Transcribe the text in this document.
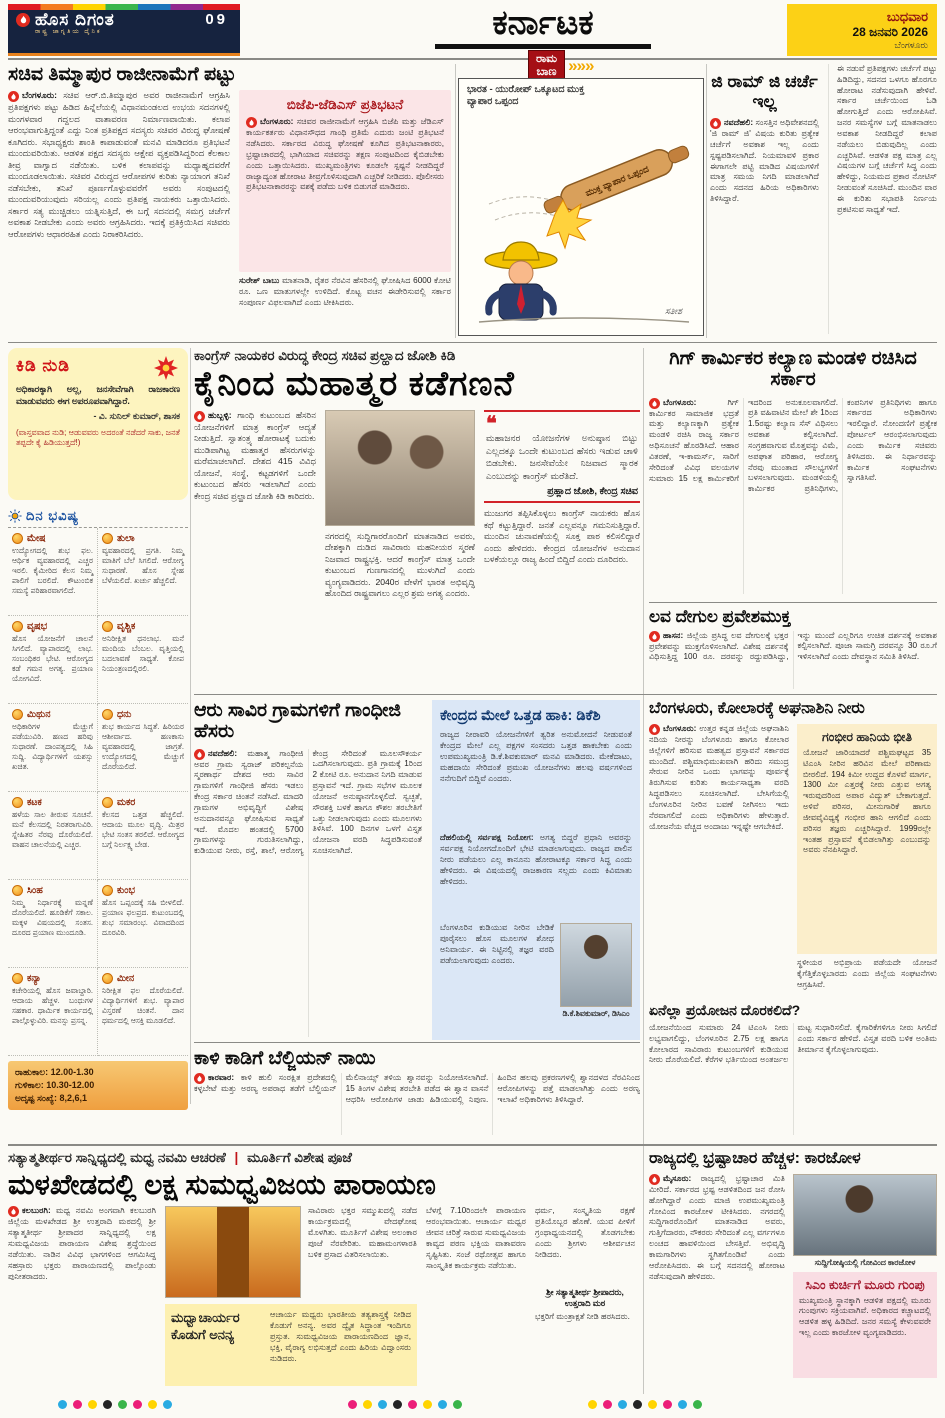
ಹೊಸ ದಿಗಂತ	09
ರಾಷ್ಟ್ರ ಜಾಗೃತಿಯ ದೈನಿಕ	ಕರ್ನಾಟಕ	ಬುಧವಾರ
28 ಜನವರಿ 2026
ಬೆಂಗಳೂರು
ಸಚಿವ ತಿಮ್ಮಾಪುರ ರಾಜೀನಾಮೆಗೆ ಪಟ್ಟು
ಬೆಂಗಳೂರು: ಸಚಿವ ಆರ್.ಬಿ.ತಿಮ್ಮಾಪುರ ಅವರ ರಾಜೀನಾಮೆಗೆ ಆಗ್ರಹಿಸಿ ಪ್ರತಿಪಕ್ಷಗಳು ಪಟ್ಟು ಹಿಡಿದ ಹಿನ್ನೆಲೆಯಲ್ಲಿ ವಿಧಾನಮಂಡಲದ ಉಭಯ ಸದನಗಳಲ್ಲಿ ಮಂಗಳವಾರ ಗದ್ದಲದ ವಾತಾವರಣ ನಿರ್ಮಾಣವಾಯಿತು. ಕಲಾಪ ಆರಂಭವಾಗುತ್ತಿದ್ದಂತೆ ಎದ್ದು ನಿಂತ ಪ್ರತಿಪಕ್ಷದ ಸದಸ್ಯರು ಸಚಿವರ ವಿರುದ್ಧ ಘೋಷಣೆ ಕೂಗಿದರು. ಸಭಾಧ್ಯಕ್ಷರು ಶಾಂತಿ ಕಾಪಾಡುವಂತೆ ಮನವಿ ಮಾಡಿದರೂ ಪ್ರತಿಭಟನೆ ಮುಂದುವರಿಯಿತು. ಆಡಳಿತ ಪಕ್ಷದ ಸದಸ್ಯರು ಆಕ್ಷೇಪ ವ್ಯಕ್ತಪಡಿಸಿದ್ದರಿಂದ ಕೆಲಕಾಲ ತೀವ್ರ ವಾಗ್ವಾದ ನಡೆಯಿತು. ಬಳಿಕ ಕಲಾಪವನ್ನು ಮಧ್ಯಾಹ್ನದವರೆಗೆ ಮುಂದೂಡಲಾಯಿತು. ಸಚಿವರ ವಿರುದ್ಧದ ಆರೋಪಗಳ ಕುರಿತು ನ್ಯಾಯಾಂಗ ತನಿಖೆ ನಡೆಸಬೇಕು, ತನಿಖೆ ಪೂರ್ಣಗೊಳ್ಳುವವರೆಗೆ ಅವರು ಸಂಪುಟದಲ್ಲಿ ಮುಂದುವರಿಯುವುದು ಸರಿಯಲ್ಲ ಎಂದು ಪ್ರತಿಪಕ್ಷ ನಾಯಕರು ಒತ್ತಾಯಿಸಿದರು. ಸರ್ಕಾರ ಸತ್ಯ ಮುಚ್ಚಿಡಲು ಯತ್ನಿಸುತ್ತಿದೆ, ಈ ಬಗ್ಗೆ ಸದನದಲ್ಲಿ ಸಮಗ್ರ ಚರ್ಚೆಗೆ ಅವಕಾಶ ನೀಡಬೇಕು ಎಂದು ಅವರು ಆಗ್ರಹಿಸಿದರು. ಇದಕ್ಕೆ ಪ್ರತಿಕ್ರಿಯಿಸಿದ ಸಚಿವರು ಆರೋಪಗಳು ಆಧಾರರಹಿತ ಎಂದು ನಿರಾಕರಿಸಿದರು.
ಬಿಜೆಪಿ-ಜೆಡಿಎಸ್ ಪ್ರತಿಭಟನೆ
ಬೆಂಗಳೂರು: ಸಚಿವರ ರಾಜೀನಾಮೆಗೆ ಆಗ್ರಹಿಸಿ ಬಿಜೆಪಿ ಮತ್ತು ಜೆಡಿಎಸ್ ಕಾರ್ಯಕರ್ತರು ವಿಧಾನಸೌಧದ ಗಾಂಧಿ ಪ್ರತಿಮೆ ಎದುರು ಜಂಟಿ ಪ್ರತಿಭಟನೆ ನಡೆಸಿದರು. ಸರ್ಕಾರದ ವಿರುದ್ಧ ಘೋಷಣೆ ಕೂಗಿದ ಪ್ರತಿಭಟನಾಕಾರರು, ಭ್ರಷ್ಟಾಚಾರದಲ್ಲಿ ಭಾಗಿಯಾದ ಸಚಿವರನ್ನು ತಕ್ಷಣ ಸಂಪುಟದಿಂದ ಕೈಬಿಡಬೇಕು ಎಂದು ಒತ್ತಾಯಿಸಿದರು. ಮುಖ್ಯಮಂತ್ರಿಗಳು ಕೂಡಲೇ ಸ್ಪಷ್ಟನೆ ನೀಡದಿದ್ದರೆ ರಾಜ್ಯಾದ್ಯಂತ ಹೋರಾಟ ತೀವ್ರಗೊಳಿಸುವುದಾಗಿ ಎಚ್ಚರಿಕೆ ನೀಡಿದರು. ಪೊಲೀಸರು ಪ್ರತಿಭಟನಾಕಾರರನ್ನು ವಶಕ್ಕೆ ಪಡೆದು ಬಳಿಕ ಬಿಡುಗಡೆ ಮಾಡಿದರು.
ಸುರೇಶ್ ಬಾಬು ಮಾತನಾಡಿ, ರೈತರ ನೆರವಿನ ಹೆಸರಿನಲ್ಲಿ ಘೋಷಿಸಿದ 6000 ಕೋಟಿ ರೂ. ಒಣ ಮಾತುಗಳಲ್ಲೇ ಉಳಿದಿದೆ. ಕೊಟ್ಟ ವಚನ ಈಡೇರಿಸುವಲ್ಲಿ ಸರ್ಕಾರ ಸಂಪೂರ್ಣ ವಿಫಲವಾಗಿದೆ ಎಂದು ಟೀಕಿಸಿದರು.
ರಾಮ
ಬಾಣ »»»
ಭಾರತ - ಯುರೋಪ್ ಒಕ್ಕೂಟದ ಮುಕ್ತ ವ್ಯಾಪಾರ ಒಪ್ಪಂದ
ಮುಕ್ತ ವ್ಯಾಪಾರ ಒಪ್ಪಂದ
ಸತೀಶ
ಜಿ ರಾಮ್ ಜಿ ಚರ್ಚೆ ಇಲ್ಲ
ನವದೆಹಲಿ: ಸಂಸತ್ತಿನ ಅಧಿವೇಶನದಲ್ಲಿ 'ಜಿ ರಾಮ್ ಜಿ' ವಿಷಯ ಕುರಿತು ಪ್ರತ್ಯೇಕ ಚರ್ಚೆಗೆ ಅವಕಾಶ ಇಲ್ಲ ಎಂದು ಸ್ಪಷ್ಟಪಡಿಸಲಾಗಿದೆ. ನಿಯಮಾವಳಿ ಪ್ರಕಾರ ಈಗಾಗಲೇ ಪಟ್ಟಿ ಮಾಡಿದ ವಿಷಯಗಳಿಗೆ ಮಾತ್ರ ಸಮಯ ನಿಗದಿ ಮಾಡಲಾಗಿದೆ ಎಂದು ಸದನದ ಹಿರಿಯ ಅಧಿಕಾರಿಗಳು ತಿಳಿಸಿದ್ದಾರೆ.
ಈ ನಡುವೆ ಪ್ರತಿಪಕ್ಷಗಳು ಚರ್ಚೆಗೆ ಪಟ್ಟು ಹಿಡಿದಿದ್ದು, ಸದನದ ಒಳಗೂ ಹೊರಗೂ ಹೋರಾಟ ನಡೆಸುವುದಾಗಿ ಹೇಳಿವೆ. ಸರ್ಕಾರ ಚರ್ಚೆಯಿಂದ ಓಡಿ ಹೋಗುತ್ತಿದೆ ಎಂದು ಆರೋಪಿಸಿವೆ. ಜನರ ಸಮಸ್ಯೆಗಳ ಬಗ್ಗೆ ಮಾತನಾಡಲು ಅವಕಾಶ ನೀಡದಿದ್ದರೆ ಕಲಾಪ ನಡೆಯಲು ಬಿಡುವುದಿಲ್ಲ ಎಂದು ಎಚ್ಚರಿಸಿವೆ. ಆಡಳಿತ ಪಕ್ಷ ಮಾತ್ರ ಎಲ್ಲ ವಿಷಯಗಳ ಬಗ್ಗೆ ಚರ್ಚೆಗೆ ಸಿದ್ಧ ಎಂದು ಹೇಳಿದ್ದು, ನಿಯಮದ ಪ್ರಕಾರ ನೋಟಿಸ್ ನೀಡುವಂತೆ ಸೂಚಿಸಿದೆ. ಮುಂದಿನ ವಾರ ಈ ಕುರಿತು ಸಭಾಪತಿ ನಿರ್ಣಯ ಪ್ರಕಟಿಸುವ ಸಾಧ್ಯತೆ ಇದೆ.
ಕಿಡಿ ನುಡಿ
ಅಧಿಕಾರಕ್ಕಾಗಿ ಅಲ್ಲ, ಜನಸೇವೆಗಾಗಿ ರಾಜಕಾರಣ ಮಾಡುವವರು ಈಗ ಅಪರೂಪವಾಗಿದ್ದಾರೆ.
- ವಿ. ಸುನಿಲ್ ಕುಮಾರ್, ಶಾಸಕ
(ವಾಸ್ತವವಾದ ನುಡಿ; ಆಡುವವರು ಅದರಂತೆ ನಡೆದರೆ ಸಾಕು, ಜನತೆ ತಪ್ಪದೇ ಕೈ ಹಿಡಿಯುತ್ತದೆ!)
ದಿನ ಭವಿಷ್ಯ
ಮೇಷ
ಉದ್ಯೋಗದಲ್ಲಿ ಶುಭ ಫಲ. ಆರ್ಥಿಕ ವ್ಯವಹಾರದಲ್ಲಿ ಎಚ್ಚರ ಇರಲಿ. ಕೈಮೀರಿದ ಕೆಲಸ ನಿಮ್ಮ ಪಾಲಿಗೆ ಬರಲಿದೆ. ಕೌಟುಂಬಿಕ ಸಮಸ್ಯೆ ಪರಿಹಾರವಾಗಲಿದೆ.
ತುಲಾ
ವ್ಯವಹಾರದಲ್ಲಿ ಪ್ರಗತಿ. ನಿಮ್ಮ ಮಾತಿಗೆ ಬೆಲೆ ಸಿಗಲಿದೆ. ಆರೋಗ್ಯ ಸುಧಾರಣೆ. ಹೊಸ ಸ್ನೇಹ ಬೆಳೆಯಲಿದೆ. ಖರ್ಚು ಹೆಚ್ಚಲಿದೆ.
ವೃಷಭ
ಹೊಸ ಯೋಜನೆಗೆ ಚಾಲನೆ ಸಿಗಲಿದೆ. ವ್ಯಾಪಾರದಲ್ಲಿ ಲಾಭ. ಸಂಬಂಧಿಕರ ಭೇಟಿ. ಆರೋಗ್ಯದ ಕಡೆ ಗಮನ ಅಗತ್ಯ. ಪ್ರಯಾಣ ಯೋಗವಿದೆ.
ವೃಶ್ಚಿಕ
ಅನಿರೀಕ್ಷಿತ ಧನಲಾಭ. ಮನೆ ಮಂದಿಯ ಬೆಂಬಲ. ವೃತ್ತಿಯಲ್ಲಿ ಬದಲಾವಣೆ ಸಾಧ್ಯತೆ. ಕೋಪ ನಿಯಂತ್ರಣದಲ್ಲಿರಲಿ.
ಮಿಥುನ
ಅಧಿಕಾರಿಗಳ ಮೆಚ್ಚುಗೆ ಪಡೆಯುವಿರಿ. ಹಣದ ಹರಿವು ಸುಧಾರಣೆ. ದಾಂಪತ್ಯದಲ್ಲಿ ಸಿಹಿ ಸುದ್ದಿ. ವಿದ್ಯಾರ್ಥಿಗಳಿಗೆ ಯಶಸ್ಸು ಖಚಿತ.
ಧನು
ಶುಭ ಕಾರ್ಯದ ಸಿದ್ಧತೆ. ಹಿರಿಯರ ಆಶೀರ್ವಾದ. ಹಣಕಾಸು ವ್ಯವಹಾರದಲ್ಲಿ ಜಾಗ್ರತೆ. ಉದ್ಯೋಗದಲ್ಲಿ ಮೆಚ್ಚುಗೆ ದೊರೆಯಲಿದೆ.
ಕಟಕ
ಹಳೆಯ ಸಾಲ ತೀರುವ ಸೂಚನೆ. ಮನೆ ಕೆಲಸದಲ್ಲಿ ನಿರತರಾಗುವಿರಿ. ಸ್ನೇಹಿತರ ನೆರವು ದೊರೆಯಲಿದೆ. ವಾಹನ ಚಾಲನೆಯಲ್ಲಿ ಎಚ್ಚರ.
ಮಕರ
ಕೆಲಸದ ಒತ್ತಡ ಹೆಚ್ಚಲಿದೆ. ಆದಾಯ ಮೂಲ ವೃದ್ಧಿ. ಮಿತ್ರರ ಭೇಟಿ ಸಂತಸ ತರಲಿದೆ. ಆರೋಗ್ಯದ ಬಗ್ಗೆ ನಿರ್ಲಕ್ಷ್ಯ ಬೇಡ.
ಸಿಂಹ
ನಿಮ್ಮ ನಿರ್ಧಾರಕ್ಕೆ ಮನ್ನಣೆ ದೊರೆಯಲಿದೆ. ಹೂಡಿಕೆಗೆ ಸಕಾಲ. ಮಕ್ಕಳ ವಿಷಯದಲ್ಲಿ ಸಂತಸ. ದೂರದ ಪ್ರಯಾಣ ಮುಂದೂಡಿ.
ಕುಂಭ
ಹೊಸ ಒಪ್ಪಂದಕ್ಕೆ ಸಹಿ ಬೀಳಲಿದೆ. ಪ್ರಯಾಣ ಫಲಪ್ರದ. ಕುಟುಂಬದಲ್ಲಿ ಶುಭ ಸಮಾರಂಭ. ವಿವಾದದಿಂದ ದೂರವಿರಿ.
ಕನ್ಯಾ
ಕಚೇರಿಯಲ್ಲಿ ಹೊಸ ಜವಾಬ್ದಾರಿ. ಆದಾಯ ಹೆಚ್ಚಳ. ಬಂಧುಗಳ ಸಹಕಾರ. ಧಾರ್ಮಿಕ ಕಾರ್ಯದಲ್ಲಿ ಪಾಲ್ಗೊಳ್ಳುವಿರಿ. ಮನಸ್ಸು ಪ್ರಸನ್ನ.
ಮೀನ
ನಿರೀಕ್ಷಿತ ಫಲ ದೊರೆಯಲಿದೆ. ವಿದ್ಯಾರ್ಥಿಗಳಿಗೆ ಶುಭ. ವ್ಯಾಪಾರ ವಿಸ್ತರಣೆ ಚಿಂತನೆ. ದಾನ ಧರ್ಮದಲ್ಲಿ ಆಸಕ್ತಿ ಮೂಡಲಿದೆ.
ರಾಹುಕಾಲ: 12.00-1.30
ಗುಳಿಕಾಲ: 10.30-12.00
ಅದೃಷ್ಟ ಸಂಖ್ಯೆ: 8,2,6,1
ಕಾಂಗ್ರೆಸ್ ನಾಯಕರ ವಿರುದ್ಧ ಕೇಂದ್ರ ಸಚಿವ ಪ್ರಲ್ಹಾದ ಜೋಶಿ ಕಿಡಿ
ಕೈನಿಂದ ಮಹಾತ್ಮರ ಕಡೆಗಣನೆ
ಹುಬ್ಬಳ್ಳಿ: ಗಾಂಧಿ ಕುಟುಂಬದ ಹೆಸರಿನ ಯೋಜನೆಗಳಿಗೆ ಮಾತ್ರ ಕಾಂಗ್ರೆಸ್ ಆದ್ಯತೆ ನೀಡುತ್ತಿದೆ. ಸ್ವಾತಂತ್ರ್ಯ ಹೋರಾಟಕ್ಕೆ ಬದುಕು ಮುಡಿಪಾಗಿಟ್ಟ ಮಹಾತ್ಮರ ಹೆಸರುಗಳನ್ನು ಮರೆಮಾಚಲಾಗಿದೆ. ದೇಶದ 415 ವಿವಿಧ ಯೋಜನೆ, ಸಂಸ್ಥೆ, ಕಟ್ಟಡಗಳಿಗೆ ಒಂದೇ ಕುಟುಂಬದ ಹೆಸರು ಇಡಲಾಗಿದೆ ಎಂದು ಕೇಂದ್ರ ಸಚಿವ ಪ್ರಲ್ಹಾದ ಜೋಶಿ ಕಿಡಿ ಕಾರಿದರು.
ನಗರದಲ್ಲಿ ಸುದ್ದಿಗಾರರೊಂದಿಗೆ ಮಾತನಾಡಿದ ಅವರು, ದೇಶಕ್ಕಾಗಿ ದುಡಿದ ಸಾವಿರಾರು ಮಹನೀಯರ ಸ್ಮರಣೆ ನಿಜವಾದ ರಾಷ್ಟ್ರಭಕ್ತಿ. ಆದರೆ ಕಾಂಗ್ರೆಸ್ ಮಾತ್ರ ಒಂದೇ ಕುಟುಂಬದ ಗುಣಗಾನದಲ್ಲಿ ಮುಳುಗಿದೆ ಎಂದು ವ್ಯಂಗ್ಯವಾಡಿದರು. 2040ರ ವೇಳೆಗೆ ಭಾರತ ಅಭಿವೃದ್ಧಿ ಹೊಂದಿದ ರಾಷ್ಟ್ರವಾಗಲು ಎಲ್ಲರ ಶ್ರಮ ಅಗತ್ಯ ಎಂದರು.
❝
ಮಹಾಜನರ ಯೋಜನೆಗಳ ಅನುಷ್ಠಾನ ಬಿಟ್ಟು ಎಲ್ಲದಕ್ಕೂ ಒಂದೇ ಕುಟುಂಬದ ಹೆಸರು ಇಡುವ ಚಾಳಿ ಬಿಡಬೇಕು. ಜನಸೇವೆಯೇ ನಿಜವಾದ ಸ್ಮಾರಕ ಎಂಬುದನ್ನು ಕಾಂಗ್ರೆಸ್ ಮರೆತಿದೆ.
ಪ್ರಹ್ಲಾದ ಜೋಶಿ, ಕೇಂದ್ರ ಸಚಿವ
ಮುಜುಗರ ತಪ್ಪಿಸಿಕೊಳ್ಳಲು ಕಾಂಗ್ರೆಸ್ ನಾಯಕರು ಹೊಸ ಕಥೆ ಕಟ್ಟುತ್ತಿದ್ದಾರೆ. ಜನತೆ ಎಲ್ಲವನ್ನೂ ಗಮನಿಸುತ್ತಿದ್ದಾರೆ. ಮುಂದಿನ ಚುನಾವಣೆಯಲ್ಲಿ ಸೂಕ್ತ ಪಾಠ ಕಲಿಸಲಿದ್ದಾರೆ ಎಂದು ಹೇಳಿದರು. ಕೇಂದ್ರದ ಯೋಜನೆಗಳ ಅನುದಾನ ಬಳಕೆಯಲ್ಲೂ ರಾಜ್ಯ ಹಿಂದೆ ಬಿದ್ದಿದೆ ಎಂದು ದೂರಿದರು.
ಗಿಗ್ ಕಾರ್ಮಿಕರ ಕಲ್ಯಾಣ ಮಂಡಳಿ ರಚಿಸಿದ ಸರ್ಕಾರ
ಬೆಂಗಳೂರು:	ಗಿಗ್ ಕಾರ್ಮಿಕರ ಸಾಮಾಜಿಕ ಭದ್ರತೆ ಮತ್ತು ಕಲ್ಯಾಣಕ್ಕಾಗಿ ಪ್ರತ್ಯೇಕ ಮಂಡಳಿ ರಚಿಸಿ ರಾಜ್ಯ ಸರ್ಕಾರ ಅಧಿಸೂಚನೆ ಹೊರಡಿಸಿದೆ. ಆಹಾರ ವಿತರಣೆ, ಇ-ಕಾಮರ್ಸ್, ಸಾರಿಗೆ ಸೇರಿದಂತೆ ವಿವಿಧ ವಲಯಗಳ ಸುಮಾರು 15 ಲಕ್ಷ ಕಾರ್ಮಿಕರಿಗೆ ಇದರಿಂದ ಅನುಕೂಲವಾಗಲಿದೆ. ಪ್ರತಿ ವಹಿವಾಟಿನ ಮೇಲೆ ಶೇ 1ರಿಂದ 1.5ರಷ್ಟು ಕಲ್ಯಾಣ ಸೆಸ್ ವಿಧಿಸಲು ಅವಕಾಶ ಕಲ್ಪಿಸಲಾಗಿದೆ. ಸಂಗ್ರಹವಾಗುವ ಮೊತ್ತವನ್ನು ವಿಮೆ, ಅಪಘಾತ ಪರಿಹಾರ, ಆರೋಗ್ಯ ನೆರವು ಮುಂತಾದ ಸೌಲಭ್ಯಗಳಿಗೆ ಬಳಸಲಾಗುವುದು. ಮಂಡಳಿಯಲ್ಲಿ ಕಾರ್ಮಿಕರ ಪ್ರತಿನಿಧಿಗಳು, ಕಂಪನಿಗಳ ಪ್ರತಿನಿಧಿಗಳು ಹಾಗೂ ಸರ್ಕಾರದ ಅಧಿಕಾರಿಗಳು ಇರಲಿದ್ದಾರೆ. ನೋಂದಣಿಗೆ ಪ್ರತ್ಯೇಕ ಪೋರ್ಟಲ್ ಆರಂಭಿಸಲಾಗುವುದು ಎಂದು ಕಾರ್ಮಿಕ ಸಚಿವರು ತಿಳಿಸಿದರು. ಈ ನಿರ್ಧಾರವನ್ನು ಕಾರ್ಮಿಕ ಸಂಘಟನೆಗಳು ಸ್ವಾಗತಿಸಿವೆ.
ಲವ ದೇಗುಲ ಪ್ರವೇಶಮುಕ್ತ
ಹಾಸನ: ಜಿಲ್ಲೆಯ ಪ್ರಸಿದ್ಧ ಲವ ದೇಗುಲಕ್ಕೆ ಭಕ್ತರ ಪ್ರವೇಶವನ್ನು ಮುಕ್ತಗೊಳಿಸಲಾಗಿದೆ. ವಿಶೇಷ ದರ್ಶನಕ್ಕೆ ವಿಧಿಸುತ್ತಿದ್ದ 100 ರೂ. ದರವನ್ನು ರದ್ದುಪಡಿಸಿದ್ದು, ಇನ್ನು ಮುಂದೆ ಎಲ್ಲರಿಗೂ ಉಚಿತ ದರ್ಶನಕ್ಕೆ ಅವಕಾಶ ಕಲ್ಪಿಸಲಾಗಿದೆ. ಪೂಜಾ ಸಾಮಗ್ರಿ ದರವನ್ನೂ 30 ರೂ.ಗೆ ಇಳಿಸಲಾಗಿದೆ ಎಂದು ದೇವಸ್ಥಾನ ಸಮಿತಿ ತಿಳಿಸಿದೆ.
ಆರು ಸಾವಿರ ಗ್ರಾಮಗಳಿಗೆ ಗಾಂಧೀಜಿ ಹೆಸರು
ನವದೆಹಲಿ: ಮಹಾತ್ಮ ಗಾಂಧೀಜಿ ಅವರ ಗ್ರಾಮ ಸ್ವರಾಜ್ ಪರಿಕಲ್ಪನೆಯ ಸ್ಮರಣಾರ್ಥ ದೇಶದ ಆರು ಸಾವಿರ ಗ್ರಾಮಗಳಿಗೆ ಗಾಂಧೀಜಿ ಹೆಸರು ಇಡಲು ಕೇಂದ್ರ ಸರ್ಕಾರ ಚಿಂತನೆ ನಡೆಸಿದೆ. ಮಾದರಿ ಗ್ರಾಮಗಳ ಅಭಿವೃದ್ಧಿಗೆ ವಿಶೇಷ ಅನುದಾನವನ್ನೂ ಘೋಷಿಸುವ ಸಾಧ್ಯತೆ ಇದೆ. ಮೊದಲ ಹಂತದಲ್ಲಿ 5700 ಗ್ರಾಮಗಳನ್ನು ಗುರುತಿಸಲಾಗಿದ್ದು, ಕುಡಿಯುವ ನೀರು, ರಸ್ತೆ, ಶಾಲೆ, ಆರೋಗ್ಯ ಕೇಂದ್ರ ಸೇರಿದಂತೆ ಮೂಲಸೌಕರ್ಯ ಒದಗಿಸಲಾಗುವುದು. ಪ್ರತಿ ಗ್ರಾಮಕ್ಕೆ 1ರಿಂದ 2 ಕೋಟಿ ರೂ. ಅನುದಾನ ನಿಗದಿ ಮಾಡುವ ಪ್ರಸ್ತಾವನೆ ಇದೆ. ಗ್ರಾಮ ಸಭೆಗಳ ಮೂಲಕ ಯೋಜನೆ ಅನುಷ್ಠಾನಗೊಳ್ಳಲಿದೆ. ಸ್ವಚ್ಛತೆ, ಸೌರಶಕ್ತಿ ಬಳಕೆ ಹಾಗೂ ಕೌಶಲ ತರಬೇತಿಗೆ ಒತ್ತು ನೀಡಲಾಗುವುದು ಎಂದು ಮೂಲಗಳು ತಿಳಿಸಿವೆ. 100 ದಿನಗಳ ಒಳಗೆ ವಿಸ್ತೃತ ಯೋಜನಾ ವರದಿ ಸಿದ್ಧಪಡಿಸುವಂತೆ ಸೂಚಿಸಲಾಗಿದೆ.
ಕೇಂದ್ರದ ಮೇಲೆ ಒತ್ತಡ ಹಾಕಿ: ಡಿಕೆಶಿ
ರಾಜ್ಯದ ನೀರಾವರಿ ಯೋಜನೆಗಳಿಗೆ ತ್ವರಿತ ಅನುಮೋದನೆ ನೀಡುವಂತೆ ಕೇಂದ್ರದ ಮೇಲೆ ಎಲ್ಲ ಪಕ್ಷಗಳ ಸಂಸದರು ಒತ್ತಡ ಹಾಕಬೇಕು ಎಂದು ಉಪಮುಖ್ಯಮಂತ್ರಿ ಡಿ.ಕೆ.ಶಿವಕುಮಾರ್ ಮನವಿ ಮಾಡಿದರು. ಮೇಕೆದಾಟು, ಮಹದಾಯಿ ಸೇರಿದಂತೆ ಪ್ರಮುಖ ಯೋಜನೆಗಳು ಹಲವು ವರ್ಷಗಳಿಂದ ನನೆಗುದಿಗೆ ಬಿದ್ದಿವೆ ಎಂದರು.
ದೆಹಲಿಯಲ್ಲಿ ಸರ್ವಪಕ್ಷ ನಿಯೋಗ: ಅಗತ್ಯ ಬಿದ್ದರೆ ಪ್ರಧಾನಿ ಅವರನ್ನು ಸರ್ವಪಕ್ಷ ನಿಯೋಗದೊಂದಿಗೆ ಭೇಟಿ ಮಾಡಲಾಗುವುದು. ರಾಜ್ಯದ ಪಾಲಿನ ನೀರು ಪಡೆಯಲು ಎಲ್ಲ ಕಾನೂನು ಹೋರಾಟಕ್ಕೂ ಸರ್ಕಾರ ಸಿದ್ಧ ಎಂದು ಹೇಳಿದರು. ಈ ವಿಷಯದಲ್ಲಿ ರಾಜಕಾರಣ ಸಲ್ಲದು ಎಂದು ಕಿವಿಮಾತು ಹೇಳಿದರು.
ಬೆಂಗಳೂರಿನ ಕುಡಿಯುವ ನೀರಿನ ಬೇಡಿಕೆ ಪೂರೈಸಲು ಹೊಸ ಮೂಲಗಳ ಶೋಧ ಅನಿವಾರ್ಯ. ಈ ನಿಟ್ಟಿನಲ್ಲಿ ತಜ್ಞರ ವರದಿ ಪಡೆಯಲಾಗುವುದು ಎಂದರು.
ಡಿ.ಕೆ.ಶಿವಕುಮಾರ್, ಡಿಸಿಎಂ
ಕಾಳಿ ಕಾಡಿಗೆ ಬೆಲ್ಜಿಯನ್ ನಾಯಿ
ಕಾರವಾರ: ಕಾಳಿ ಹುಲಿ ಸಂರಕ್ಷಿತ ಪ್ರದೇಶದಲ್ಲಿ ಕಳ್ಳಬೇಟೆ ಮತ್ತು ಅರಣ್ಯ ಅಪರಾಧ ತಡೆಗೆ ಬೆಲ್ಜಿಯನ್ ಮೆಲಿನಾಯ್ಸ್ ತಳಿಯ ಶ್ವಾನವನ್ನು ನಿಯೋಜಿಸಲಾಗಿದೆ. 15 ತಿಂಗಳ ವಿಶೇಷ ತರಬೇತಿ ಪಡೆದ ಈ ಶ್ವಾನ ವಾಸನೆ ಆಧರಿಸಿ ಆರೋಪಿಗಳ ಜಾಡು ಹಿಡಿಯುವಲ್ಲಿ ನಿಪುಣ. ಹಿಂದಿನ ಹಲವು ಪ್ರಕರಣಗಳಲ್ಲಿ ಶ್ವಾನದಳದ ನೆರವಿನಿಂದ ಆರೋಪಿಗಳನ್ನು ಪತ್ತೆ ಮಾಡಲಾಗಿತ್ತು ಎಂದು ಅರಣ್ಯ ಇಲಾಖೆ ಅಧಿಕಾರಿಗಳು ತಿಳಿಸಿದ್ದಾರೆ.
ಬೆಂಗಳೂರು, ಕೋಲಾರಕ್ಕೆ ಅಘನಾಶಿನಿ ನೀರು
ಬೆಂಗಳೂರು: ಉತ್ತರ ಕನ್ನಡ ಜಿಲ್ಲೆಯ ಅಘನಾಶಿನಿ ನದಿಯ ನೀರನ್ನು ಬೆಂಗಳೂರು ಹಾಗೂ ಕೋಲಾರ ಜಿಲ್ಲೆಗಳಿಗೆ ಹರಿಸುವ ಮಹತ್ವದ ಪ್ರಸ್ತಾವನೆ ಸರ್ಕಾರದ ಮುಂದಿದೆ. ಪಶ್ಚಿಮಾಭಿಮುಖವಾಗಿ ಹರಿದು ಸಮುದ್ರ ಸೇರುವ ನೀರಿನ ಒಂದು ಭಾಗವನ್ನು ಪೂರ್ವಕ್ಕೆ ತಿರುಗಿಸುವ ಕುರಿತು ಕಾರ್ಯಸಾಧ್ಯತಾ ವರದಿ ಸಿದ್ಧಪಡಿಸಲು ಸೂಚಿಸಲಾಗಿದೆ. ಬೇಸಿಗೆಯಲ್ಲಿ ಬೆಂಗಳೂರಿನ ನೀರಿನ ಬವಣೆ ನೀಗಿಸಲು ಇದು ನೆರವಾಗಲಿದೆ ಎಂದು ಅಧಿಕಾರಿಗಳು ಹೇಳುತ್ತಾರೆ. ಯೋಜನೆಯ ವೆಚ್ಚದ ಅಂದಾಜು ಇನ್ನಷ್ಟೇ ಆಗಬೇಕಿದೆ.
ಗಂಭೀರ ಹಾನಿಯ ಭೀತಿ
ಯೋಜನೆ ಜಾರಿಯಾದರೆ ಪಶ್ಚಿಮಘಟ್ಟದ 35 ಟಿಎಂಸಿ ನೀರಿನ ಹರಿವಿನ ಮೇಲೆ ಪರಿಣಾಮ ಬೀರಲಿದೆ. 194 ಕಿಮೀ ಉದ್ದದ ಕೊಳವೆ ಮಾರ್ಗ, 1300 ಮೀ ಎತ್ತರಕ್ಕೆ ನೀರು ಎತ್ತುವ ಅಗತ್ಯ ಇರುವುದರಿಂದ ಅಪಾರ ವಿದ್ಯುತ್ ಬೇಕಾಗುತ್ತದೆ. ಅಳಿವೆ ಪರಿಸರ, ಮೀನುಗಾರಿಕೆ ಹಾಗೂ ಜೀವವೈವಿಧ್ಯಕ್ಕೆ ಗಂಭೀರ ಹಾನಿ ಆಗಲಿದೆ ಎಂದು ಪರಿಸರ ತಜ್ಞರು ಎಚ್ಚರಿಸಿದ್ದಾರೆ. 1999ರಲ್ಲೇ ಇಂತಹ ಪ್ರಸ್ತಾವನೆ ಕೈಬಿಡಲಾಗಿತ್ತು ಎಂಬುದನ್ನು ಅವರು ನೆನಪಿಸಿದ್ದಾರೆ.
ಸ್ಥಳೀಯರ ಅಭಿಪ್ರಾಯ ಪಡೆಯದೇ ಯೋಜನೆ ಕೈಗೆತ್ತಿಕೊಳ್ಳಬಾರದು ಎಂದು ಜಿಲ್ಲೆಯ ಸಂಘಟನೆಗಳು ಆಗ್ರಹಿಸಿವೆ.
ಏನೆಲ್ಲಾ ಪ್ರಯೋಜನ ದೊರಕಲಿದೆ?
ಯೋಜನೆಯಿಂದ ಸುಮಾರು 24 ಟಿಎಂಸಿ ನೀರು ಲಭ್ಯವಾಗಲಿದ್ದು, ಬೆಂಗಳೂರಿನ 2.75 ಲಕ್ಷ ಹಾಗೂ ಕೋಲಾರದ ಸಾವಿರಾರು ಕುಟುಂಬಗಳಿಗೆ ಕುಡಿಯುವ ನೀರು ದೊರೆಯಲಿದೆ. ಕೆರೆಗಳ ಭರ್ತಿಯಿಂದ ಅಂತರ್ಜಲ ಮಟ್ಟ ಸುಧಾರಿಸಲಿದೆ. ಕೈಗಾರಿಕೆಗಳಿಗೂ ನೀರು ಸಿಗಲಿದೆ ಎಂದು ಸರ್ಕಾರ ಹೇಳಿದೆ. ವಿಸ್ತೃತ ವರದಿ ಬಳಿಕ ಅಂತಿಮ ತೀರ್ಮಾನ ಕೈಗೊಳ್ಳಲಾಗುವುದು.
ಸತ್ಯಾತ್ಮತೀರ್ಥರ ಸಾನ್ನಿಧ್ಯದಲ್ಲಿ ಮಧ್ವ ನವಮಿ ಆಚರಣೆ | ಮೂರ್ತಿಗೆ ವಿಶೇಷ ಪೂಜೆ
ಮಳಖೇಡದಲ್ಲಿ ಲಕ್ಷ ಸುಮಧ್ವವಿಜಯ ಪಾರಾಯಣ
ಕಲಬುರಗಿ: ಮಧ್ವ ನವಮಿ ಅಂಗವಾಗಿ ಕಲಬುರಗಿ ಜಿಲ್ಲೆಯ ಮಳಖೇಡದ ಶ್ರೀ ಉತ್ತರಾದಿ ಮಠದಲ್ಲಿ ಶ್ರೀ ಸತ್ಯಾತ್ಮತೀರ್ಥ ಶ್ರೀಪಾದರ ಸಾನ್ನಿಧ್ಯದಲ್ಲಿ ಲಕ್ಷ ಸುಮಧ್ವವಿಜಯ ಪಾರಾಯಣ ವಿಶೇಷ ಶ್ರದ್ಧೆಯಿಂದ ನಡೆಯಿತು. ನಾಡಿನ ವಿವಿಧ ಭಾಗಗಳಿಂದ ಆಗಮಿಸಿದ್ದ ಸಹಸ್ರಾರು ಭಕ್ತರು ಪಾರಾಯಣದಲ್ಲಿ ಪಾಲ್ಗೊಂಡು ಪುನೀತರಾದರು.
ಸಾವಿರಾರು ಭಕ್ತರ ಸಮ್ಮುಖದಲ್ಲಿ ನಡೆದ ಕಾರ್ಯಕ್ರಮದಲ್ಲಿ ವೇದಘೋಷ ಮೊಳಗಿತು. ಮೂರ್ತಿಗೆ ವಿಶೇಷ ಅಲಂಕಾರ ಪೂಜೆ ನೆರವೇರಿತು. ಮಹಾಮಂಗಳಾರತಿ ಬಳಿಕ ಪ್ರಸಾದ ವಿತರಿಸಲಾಯಿತು.
ಮಧ್ವಾಚಾರ್ಯರ ಕೊಡುಗೆ ಅನನ್ಯ
ಆಚಾರ್ಯ ಮಧ್ವರು ಭಾರತೀಯ ತತ್ವಶಾಸ್ತ್ರಕ್ಕೆ ನೀಡಿದ ಕೊಡುಗೆ ಅನನ್ಯ. ಅವರ ದ್ವೈತ ಸಿದ್ಧಾಂತ ಇಂದಿಗೂ ಪ್ರಸ್ತುತ. ಸುಮಧ್ವವಿಜಯ ಪಾರಾಯಣದಿಂದ ಜ್ಞಾನ, ಭಕ್ತಿ, ವೈರಾಗ್ಯ ಲಭಿಸುತ್ತದೆ ಎಂದು ಹಿರಿಯ ವಿದ್ವಾಂಸರು ನುಡಿದರು.
ಬೆಳಗ್ಗೆ 7.10ರಿಂದಲೇ ಪಾರಾಯಣ ಆರಂಭವಾಯಿತು. ಆಚಾರ್ಯ ಮಧ್ವರ ಜೀವನ ಚರಿತ್ರೆ ಸಾರುವ ಸುಮಧ್ವವಿಜಯ ಕಾವ್ಯದ ಪಠಣ ಭಕ್ತಿಯ ವಾತಾವರಣ ಸೃಷ್ಟಿಸಿತು. ಸಂಜೆ ರಥೋತ್ಸವ ಹಾಗೂ ಸಾಂಸ್ಕೃತಿಕ ಕಾರ್ಯಕ್ರಮ ನಡೆಯಿತು.
ಧರ್ಮ, ಸಂಸ್ಕೃತಿಯ ರಕ್ಷಣೆ ಪ್ರತಿಯೊಬ್ಬರ ಹೊಣೆ. ಯುವ ಪೀಳಿಗೆ ಗ್ರಂಥಾಧ್ಯಯನದಲ್ಲಿ ತೊಡಗಬೇಕು ಎಂದು ಶ್ರೀಗಳು ಆಶೀರ್ವಚನ ನೀಡಿದರು.
ಶ್ರೀ ಸತ್ಯಾತ್ಮತೀರ್ಥ ಶ್ರೀಪಾದರು, ಉತ್ತರಾದಿ ಮಠ
ಭಕ್ತರಿಗೆ ಮಂತ್ರಾಕ್ಷತೆ ನೀಡಿ ಹರಸಿದರು.
ರಾಜ್ಯದಲ್ಲಿ ಭ್ರಷ್ಟಾಚಾರ ಹೆಚ್ಚಳ: ಕಾರಜೋಳ
ಮೈಸೂರು: ರಾಜ್ಯದಲ್ಲಿ ಭ್ರಷ್ಟಾಚಾರ ಮಿತಿ ಮೀರಿದೆ. ಸರ್ಕಾರದ ಭ್ರಷ್ಟ ಆಡಳಿತದಿಂದ ಜನ ರೋಸಿ ಹೋಗಿದ್ದಾರೆ ಎಂದು ಮಾಜಿ ಉಪಮುಖ್ಯಮಂತ್ರಿ ಗೋವಿಂದ ಕಾರಜೋಳ ಟೀಕಿಸಿದರು. ನಗರದಲ್ಲಿ ಸುದ್ದಿಗಾರರೊಂದಿಗೆ ಮಾತನಾಡಿದ ಅವರು, ಗುತ್ತಿಗೆದಾರರು, ನೌಕರರು ಸೇರಿದಂತೆ ಎಲ್ಲ ವರ್ಗಗಳೂ ಲಂಚದ ಹಾವಳಿಯಿಂದ ಬೇಸತ್ತಿವೆ. ಅಭಿವೃದ್ಧಿ ಕಾಮಗಾರಿಗಳು ಸ್ಥಗಿತಗೊಂಡಿವೆ ಎಂದು ಆರೋಪಿಸಿದರು. ಈ ಬಗ್ಗೆ ಸದನದಲ್ಲಿ ಹೋರಾಟ ನಡೆಸುವುದಾಗಿ ಹೇಳಿದರು.
ಸುದ್ದಿಗೋಷ್ಠಿಯಲ್ಲಿ ಗೋವಿಂದ ಕಾರಜೋಳ
ಸಿಎಂ ಕುರ್ಚಿಗೆ ಮೂರು ಗುಂಪು
ಮುಖ್ಯಮಂತ್ರಿ ಸ್ಥಾನಕ್ಕಾಗಿ ಆಡಳಿತ ಪಕ್ಷದಲ್ಲಿ ಮೂರು ಗುಂಪುಗಳು ಸಕ್ರಿಯವಾಗಿವೆ. ಅಧಿಕಾರದ ಕಚ್ಚಾಟದಲ್ಲಿ ಆಡಳಿತ ಹಳ್ಳ ಹಿಡಿದಿದೆ. ಜನರ ಸಮಸ್ಯೆ ಕೇಳುವವರೇ ಇಲ್ಲ ಎಂದು ಕಾರಜೋಳ ವ್ಯಂಗ್ಯವಾಡಿದರು.
